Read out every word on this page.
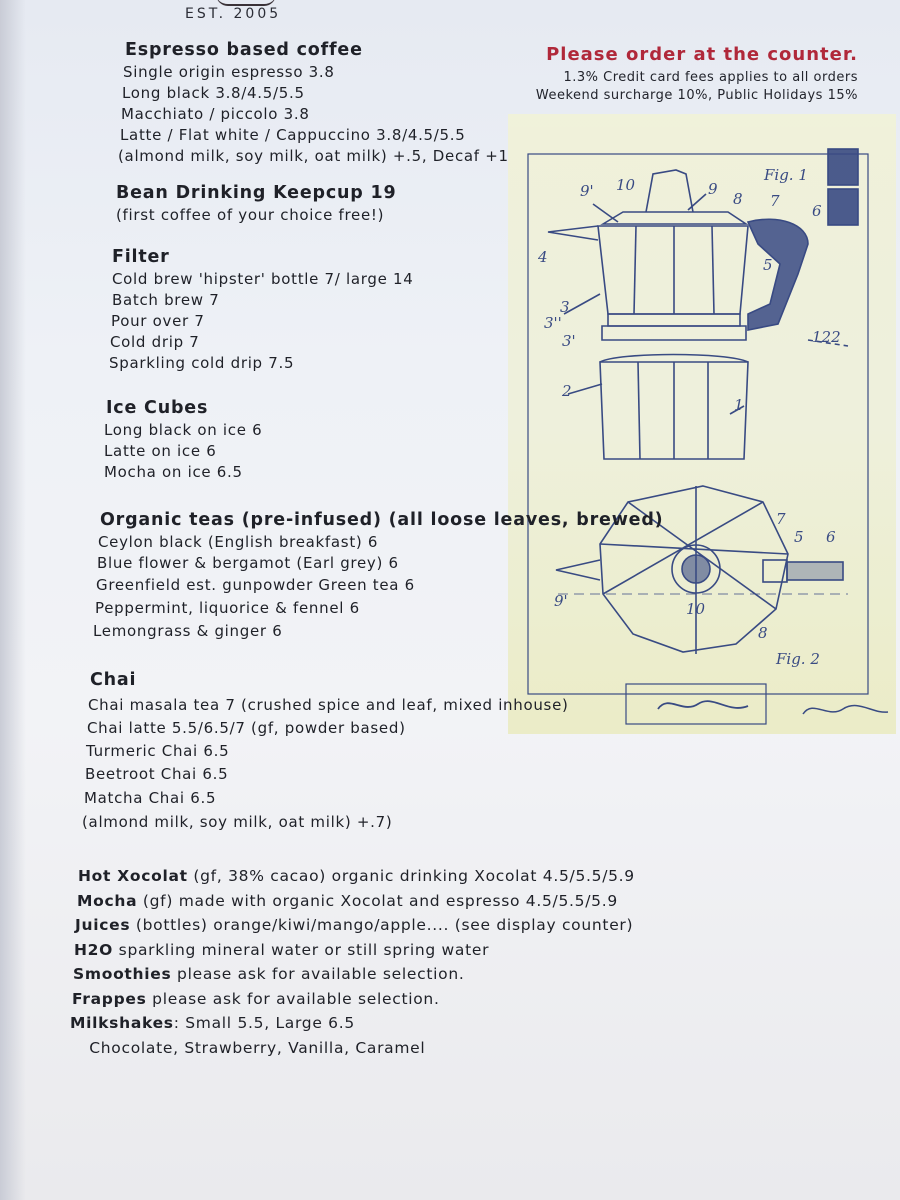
EST. 2005
Please order at the counter.
1.3% Credit card fees applies to all orders
Weekend surcharge 10%, Public Holidays 15%
Fig. 1
Fig. 2
122
9' 10	9
8 7
6
4	5
3
3'
3''
2
1
7
5 6
9'	10
8
Espresso based coffee
Single origin espresso 3.8
Long black 3.8/4.5/5.5
Macchiato / piccolo 3.8
Latte / Flat white / Cappuccino 3.8/4.5/5.5
(almond milk, soy milk, oat milk) +.5, Decaf +1
Bean Drinking Keepcup 19
(first coffee of your choice free!)
Filter
Cold brew 'hipster' bottle 7/ large 14
Batch brew 7
Pour over 7
Cold drip 7
Sparkling cold drip 7.5
Ice Cubes
Long black on ice 6
Latte on ice 6
Mocha on ice 6.5
Organic teas (pre-infused) (all loose leaves, brewed)
Ceylon black (English breakfast) 6
Blue flower & bergamot (Earl grey) 6
Greenfield est. gunpowder Green tea 6
Peppermint, liquorice & fennel 6
Lemongrass & ginger 6
Chai
Chai masala tea 7 (crushed spice and leaf, mixed inhouse)
Chai latte 5.5/6.5/7 (gf, powder based)
Turmeric Chai 6.5
Beetroot Chai 6.5
Matcha Chai 6.5
(almond milk, soy milk, oat milk) +.7)
Hot Xocolat (gf, 38% cacao) organic drinking Xocolat 4.5/5.5/5.9
Mocha (gf) made with organic Xocolat and espresso 4.5/5.5/5.9
Juices (bottles) orange/kiwi/mango/apple.... (see display counter)
H2O sparkling mineral water or still spring water
Smoothies please ask for available selection.
Frappes please ask for available selection.
Milkshakes: Small 5.5, Large 6.5
Chocolate, Strawberry, Vanilla, Caramel
